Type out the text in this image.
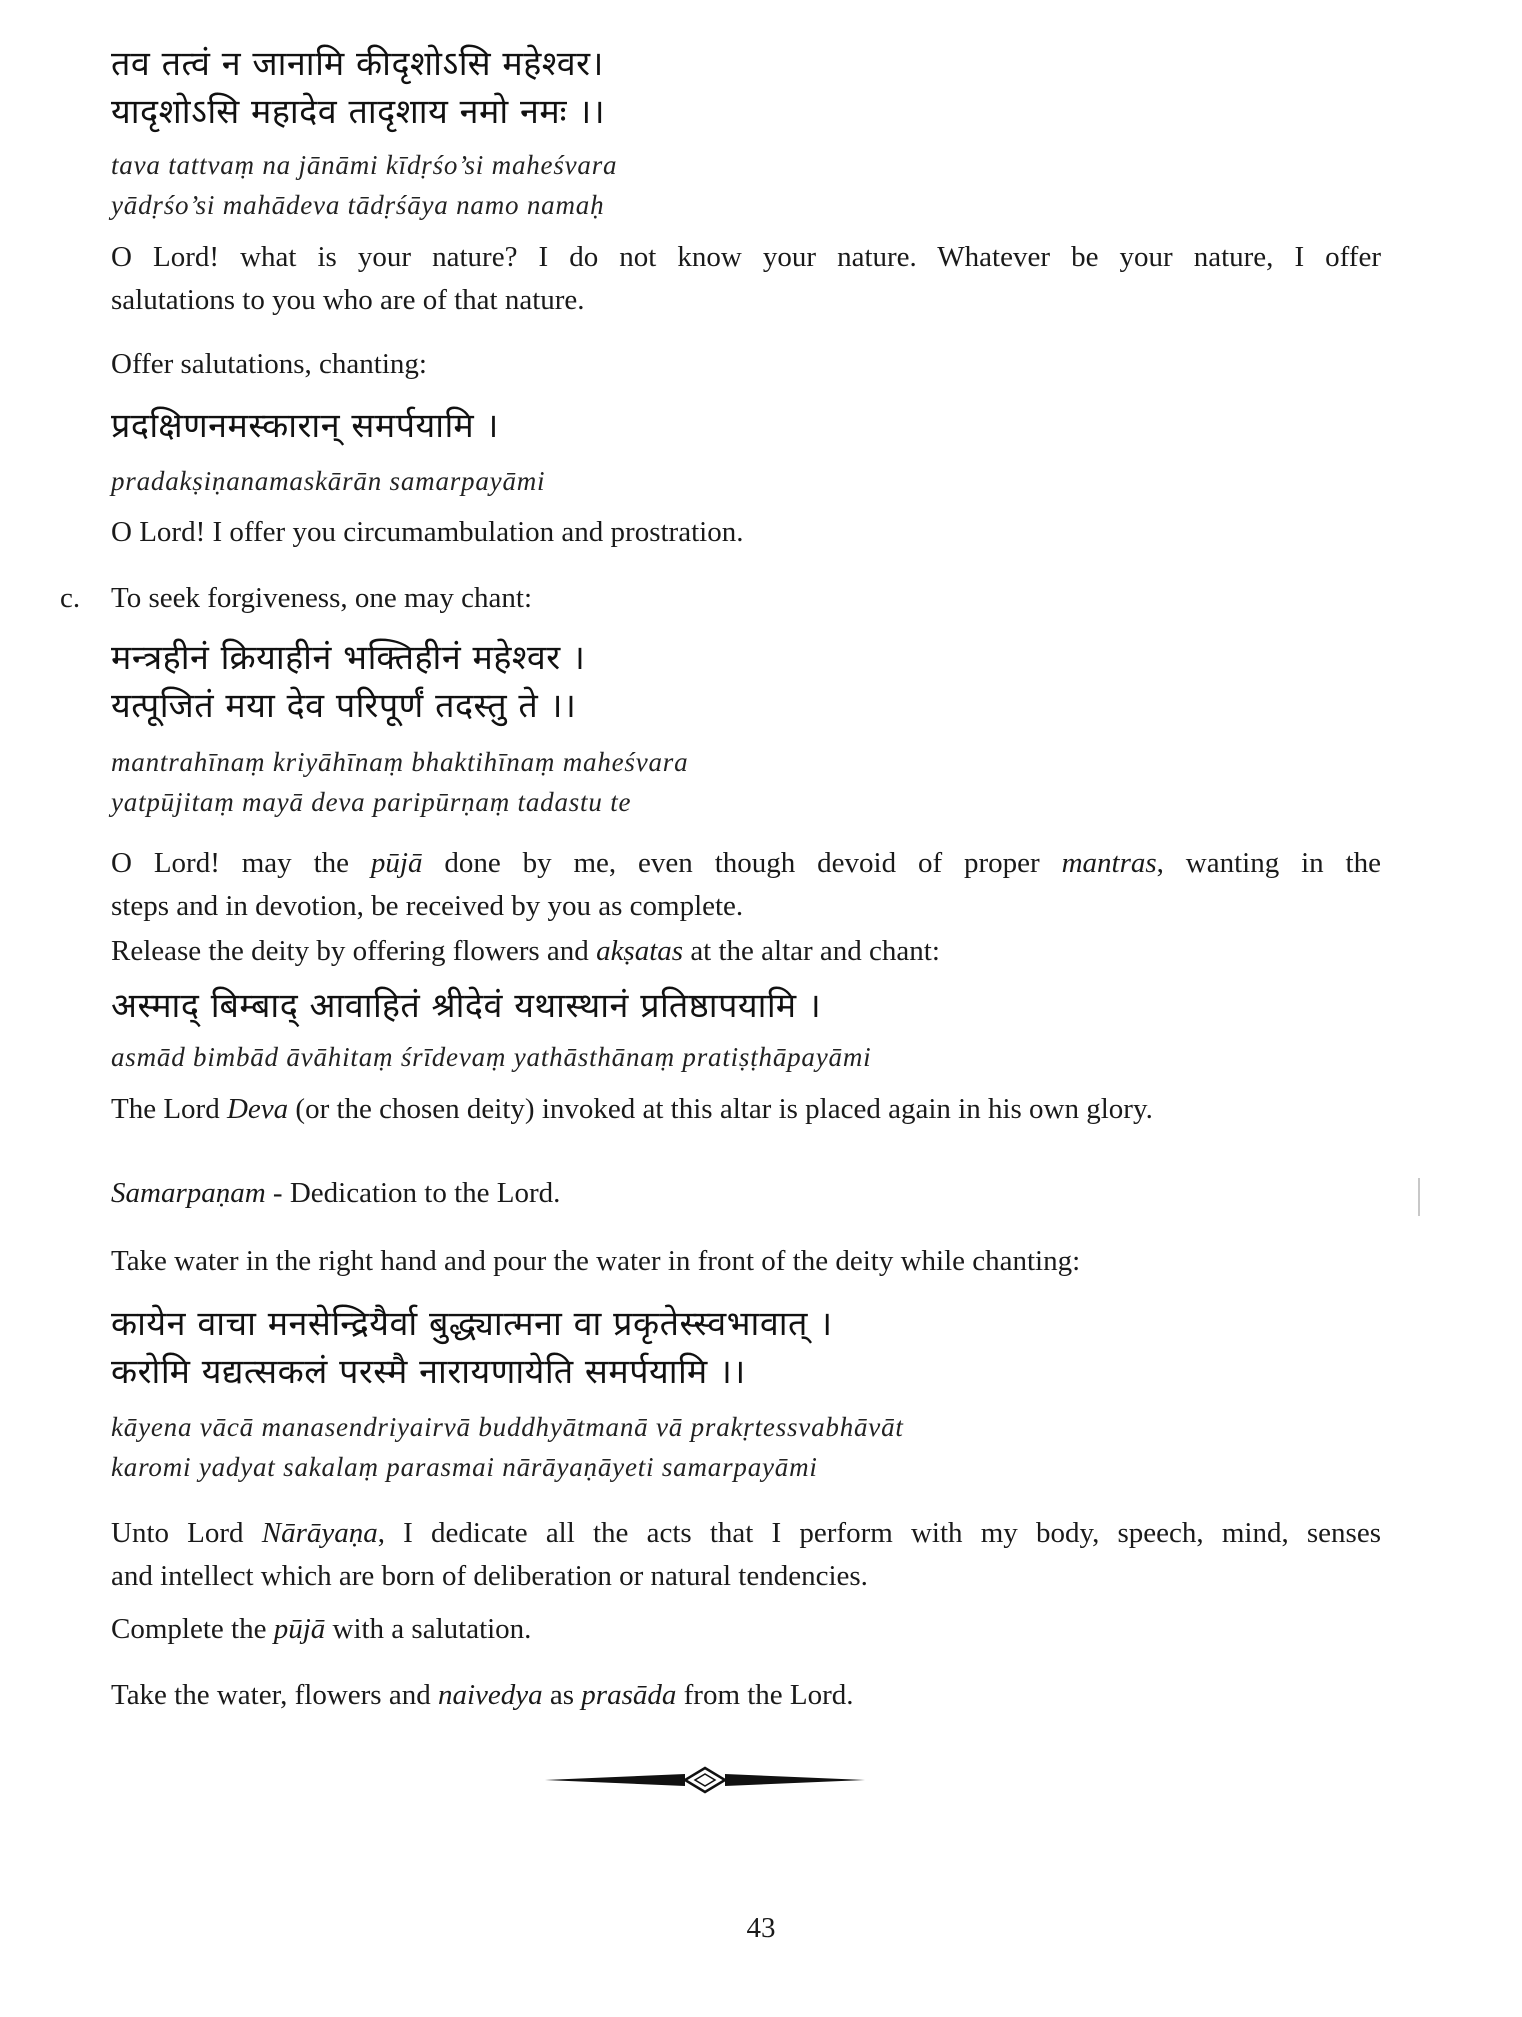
तव तत्वं न जानामि कीदृशोऽसि महेश्वर।
यादृशोऽसि महादेव तादृशाय नमो नमः ।।
tava tattvaṃ na jānāmi kīdṛśo’si maheśvara
yādṛśo’si mahādeva tādṛśāya namo namaḥ
O Lord! what is your nature? I do not know your nature. Whatever be your nature, I offer
salutations to you who are of that nature.
Offer salutations, chanting:
प्रदक्षिणनमस्कारान् समर्पयामि ।
pradakṣiṇanamaskārān samarpayāmi
O Lord! I offer you circumambulation and prostration.
c. To seek forgiveness, one may chant:
मन्त्रहीनं क्रियाहीनं भक्तिहीनं महेश्वर ।
यत्पूजितं मया देव परिपूर्णं तदस्तु ते ।।
mantrahīnaṃ kriyāhīnaṃ bhaktihīnaṃ maheśvara
yatpūjitaṃ mayā deva paripūrṇaṃ tadastu te
O Lord! may the pūjā done by me, even though devoid of proper mantras, wanting in the
steps and in devotion, be received by you as complete.
Release the deity by offering flowers and akṣatas at the altar and chant:
अस्माद् बिम्बाद् आवाहितं श्रीदेवं यथास्थानं प्रतिष्ठापयामि ।
asmād bimbād āvāhitaṃ śrīdevaṃ yathāsthānaṃ pratiṣṭhāpayāmi
The Lord Deva (or the chosen deity) invoked at this altar is placed again in his own glory.
Samarpaṇam - Dedication to the Lord.
Take water in the right hand and pour the water in front of the deity while chanting:
कायेन वाचा मनसेन्द्रियैर्वा बुद्ध्यात्मना वा प्रकृतेस्स्वभावात् ।
करोमि यद्यत्सकलं परस्मै नारायणायेति समर्पयामि ।।
kāyena vācā manasendriyairvā buddhyātmanā vā prakṛtessvabhāvāt
karomi yadyat sakalaṃ parasmai nārāyaṇāyeti samarpayāmi
Unto Lord Nārāyaṇa, I dedicate all the acts that I perform with my body, speech, mind, senses
and intellect which are born of deliberation or natural tendencies.
Complete the pūjā with a salutation.
Take the water, flowers and naivedya as prasāda from the Lord.
43
